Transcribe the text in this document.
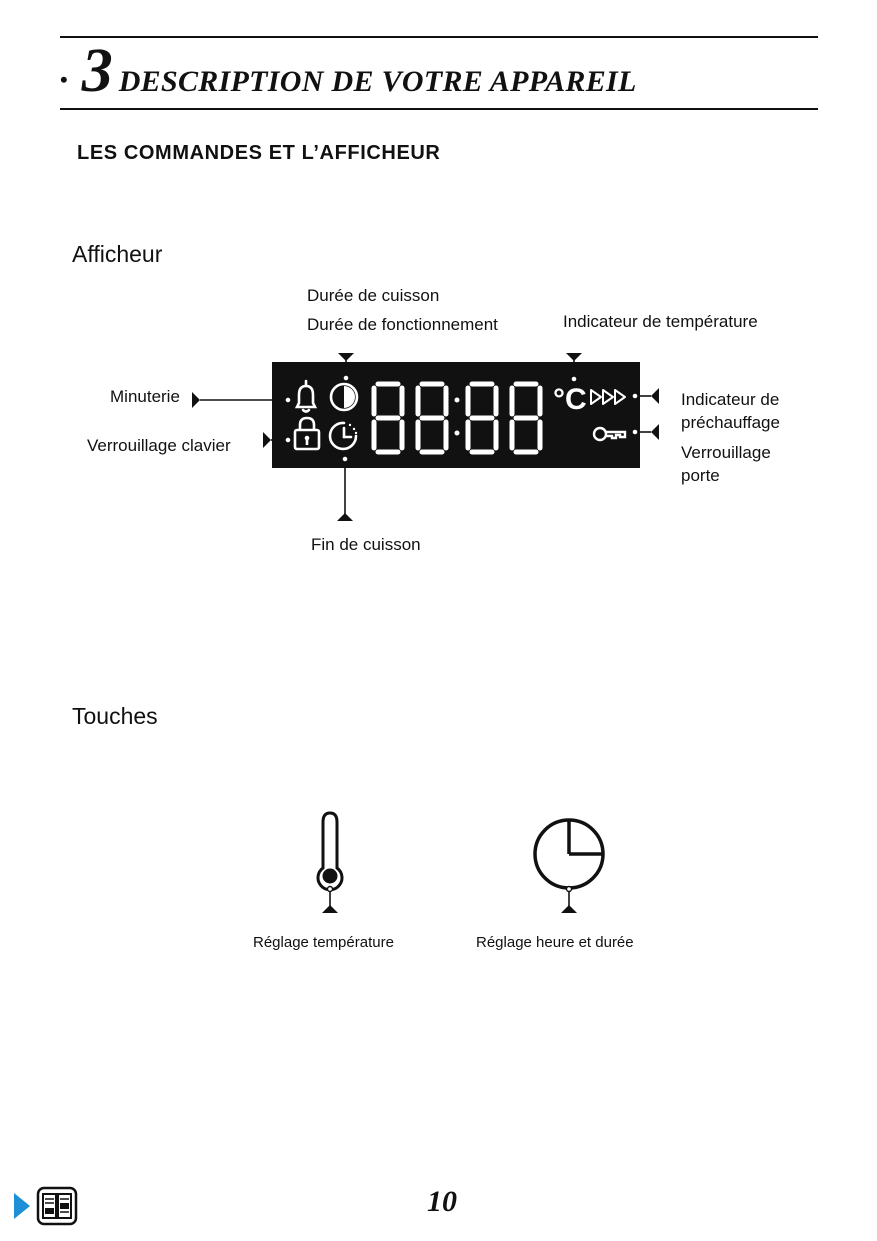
• 3 DESCRIPTION DE VOTRE APPAREIL
LES COMMANDES ET L’AFFICHEUR
Afficheur
Durée de cuisson
Durée de fonctionnement	Indicateur de température
Minuterie
Verrouillage clavier
Indicateur de préchauffage
Verrouillage porte
Fin de cuisson
°C
Touches
Réglage température	Réglage heure et durée
10
